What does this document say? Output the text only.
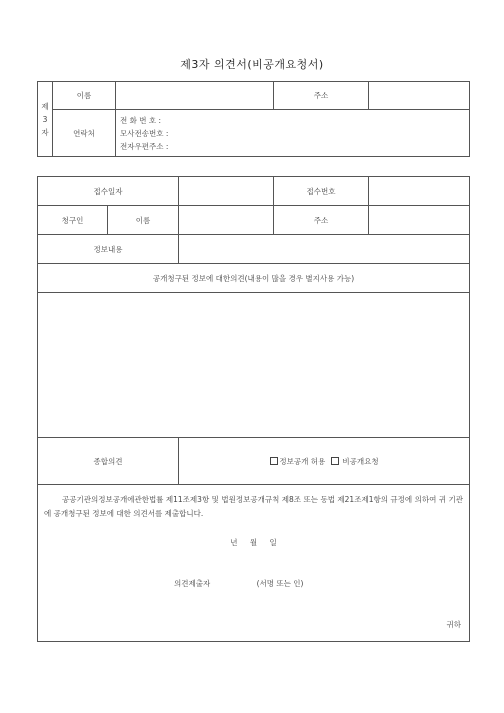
제3자 의견서(비공개요청서)
제
3
자	이름		주소	
	연락처	전 화 번 호 :
모사전송번호 :
전자우편주소 :		
접수일자			접수번호	
청구인	이름		주소	
정보내용				
공개청구된 정보에 대한의견(내용이 많을 경우 별지사용 가능)				

종합의견		정보공개 허용 비공개요청		

공공기관의정보공개에관한법률 제11조제3항 및 법원정보공개규칙 제8조 또는 동법 제21조제1항의 규정에 의하여 귀 기관에 공개청구된 정보에 대한 의견서를 제출합니다.
년 월 일
의견제출자 (서명 또는 인)
귀하				
